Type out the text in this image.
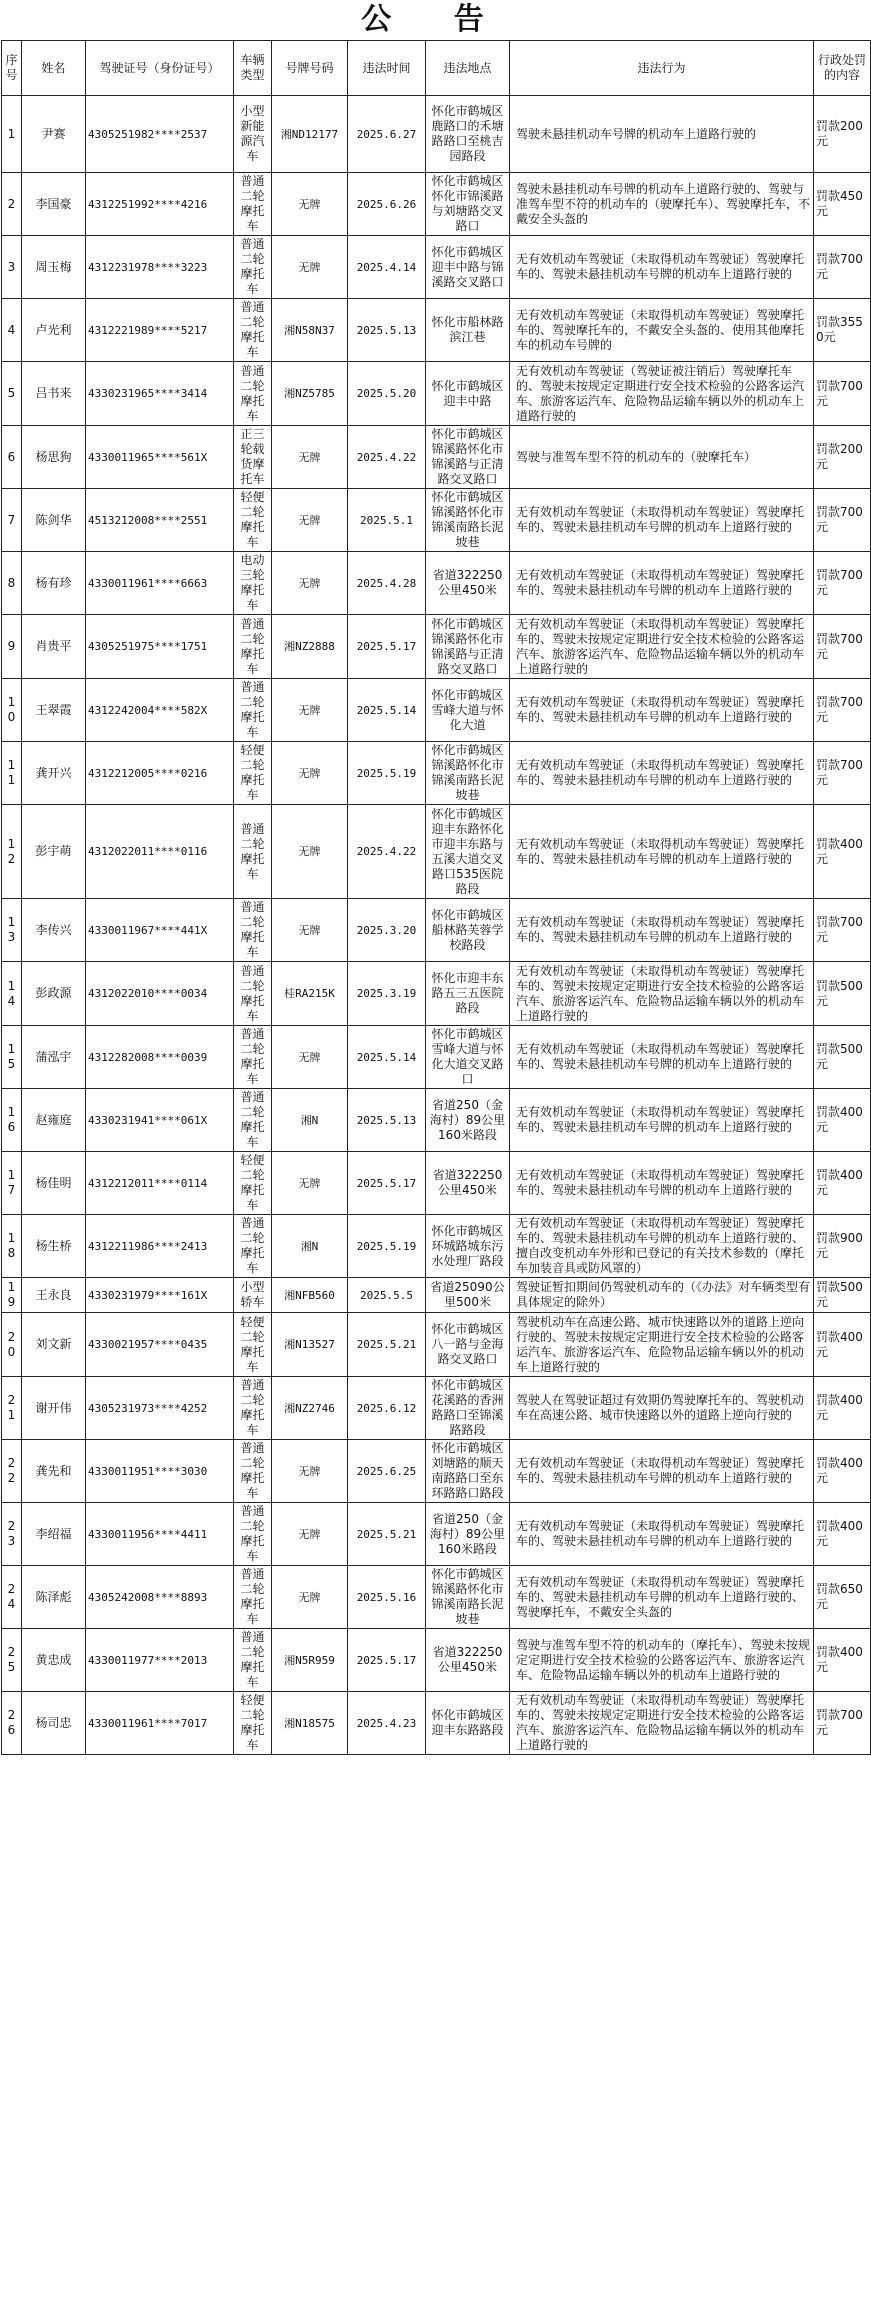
公 告
序号	姓名	驾驶证号（身份证号）	车辆类型	号牌号码	违法时间	违法地点	违法行为	行政处罚的内容
1	尹赛	4305251982****2537	小型新能源汽车	湘ND12177	2025.6.27	怀化市鹤城区鹿路口的禾塘路路口至桃吉园路段	驾驶未悬挂机动车号牌的机动车上道路行驶的	罚款200元
2	李国豪	4312251992****4216	普通二轮摩托车	无牌	2025.6.26	怀化市鹤城区怀化市锦溪路与刘塘路交叉路口	驾驶未悬挂机动车号牌的机动车上道路行驶的、驾驶与准驾车型不符的机动车的（驶摩托车）、驾驶摩托车，不戴安全头盔的	罚款450元
3	周玉梅	4312231978****3223	普通二轮摩托车	无牌	2025.4.14	怀化市鹤城区迎丰中路与锦溪路交叉路口	无有效机动车驾驶证（未取得机动车驾驶证）驾驶摩托车的、驾驶未悬挂机动车号牌的机动车上道路行驶的	罚款700元
4	卢光利	4312221989****5217	普通二轮摩托车	湘N58N37	2025.5.13	怀化市船林路滨江巷	无有效机动车驾驶证（未取得机动车驾驶证）驾驶摩托车的、驾驶摩托车的，不戴安全头盔的、使用其他摩托车的机动车号牌的	罚款3550元
5	吕书来	4330231965****3414	普通二轮摩托车	湘NZ5785	2025.5.20	怀化市鹤城区迎丰中路	无有效机动车驾驶证（驾驶证被注销后）驾驶摩托车的、驾驶未按规定定期进行安全技术检验的公路客运汽车、旅游客运汽车、危险物品运输车辆以外的机动车上道路行驶的	罚款700元
6	杨思狗	4330011965****561X	正三轮载货摩托车	无牌	2025.4.22	怀化市鹤城区锦溪路怀化市锦溪路与正清路交叉路口	驾驶与准驾车型不符的机动车的（驶摩托车）	罚款200元
7	陈剑华	4513212008****2551	轻便二轮摩托车	无牌	2025.5.1	怀化市鹤城区锦溪路怀化市锦溪南路长泥坡巷	无有效机动车驾驶证（未取得机动车驾驶证）驾驶摩托车的、驾驶未悬挂机动车号牌的机动车上道路行驶的	罚款700元
8	杨有珍	4330011961****6663	电动三轮摩托车	无牌	2025.4.28	省道322250公里450米	无有效机动车驾驶证（未取得机动车驾驶证）驾驶摩托车的、驾驶未悬挂机动车号牌的机动车上道路行驶的	罚款700元
9	肖贵平	4305251975****1751	普通二轮摩托车	湘NZ2888	2025.5.17	怀化市鹤城区锦溪路怀化市锦溪路与正清路交叉路口	无有效机动车驾驶证（未取得机动车驾驶证）驾驶摩托车的、驾驶未按规定定期进行安全技术检验的公路客运汽车、旅游客运汽车、危险物品运输车辆以外的机动车上道路行驶的	罚款700元
10	王翠霞	4312242004****582X	普通二轮摩托车	无牌	2025.5.14	怀化市鹤城区雪峰大道与怀化大道	无有效机动车驾驶证（未取得机动车驾驶证）驾驶摩托车的、驾驶未悬挂机动车号牌的机动车上道路行驶的	罚款700元
11	龚开兴	4312212005****0216	轻便二轮摩托车	无牌	2025.5.19	怀化市鹤城区锦溪路怀化市锦溪南路长泥坡巷	无有效机动车驾驶证（未取得机动车驾驶证）驾驶摩托车的、驾驶未悬挂机动车号牌的机动车上道路行驶的	罚款700元
12	彭宇萌	4312022011****0116	普通二轮摩托车	无牌	2025.4.22	怀化市鹤城区迎丰东路怀化市迎丰东路与五溪大道交叉路口535医院路段	无有效机动车驾驶证（未取得机动车驾驶证）驾驶摩托车的、驾驶未悬挂机动车号牌的机动车上道路行驶的	罚款400元
13	李传兴	4330011967****441X	普通二轮摩托车	无牌	2025.3.20	怀化市鹤城区船林路芙蓉学校路段	无有效机动车驾驶证（未取得机动车驾驶证）驾驶摩托车的、驾驶未悬挂机动车号牌的机动车上道路行驶的	罚款700元
14	彭政源	4312022010****0034	普通二轮摩托车	桂RA215K	2025.3.19	怀化市迎丰东路五三五医院路段	无有效机动车驾驶证（未取得机动车驾驶证）驾驶摩托车的、驾驶未按规定定期进行安全技术检验的公路客运汽车、旅游客运汽车、危险物品运输车辆以外的机动车上道路行驶的	罚款500元
15	蒲泓宇	4312282008****0039	普通二轮摩托车	无牌	2025.5.14	怀化市鹤城区雪峰大道与怀化大道交叉路口	无有效机动车驾驶证（未取得机动车驾驶证）驾驶摩托车的、驾驶未悬挂机动车号牌的机动车上道路行驶的	罚款500元
16	赵雍庭	4330231941****061X	普通二轮摩托车	湘N	2025.5.13	省道250（金海村）89公里160米路段	无有效机动车驾驶证（未取得机动车驾驶证）驾驶摩托车的、驾驶未悬挂机动车号牌的机动车上道路行驶的	罚款400元
17	杨佳明	4312212011****0114	轻便二轮摩托车	无牌	2025.5.17	省道322250公里450米	无有效机动车驾驶证（未取得机动车驾驶证）驾驶摩托车的、驾驶未悬挂机动车号牌的机动车上道路行驶的	罚款400元
18	杨生桥	4312211986****2413	普通二轮摩托车	湘N	2025.5.19	怀化市鹤城区环城路城东污水处理厂路段	无有效机动车驾驶证（未取得机动车驾驶证）驾驶摩托车的、驾驶未悬挂机动车号牌的机动车上道路行驶的、擅自改变机动车外形和已登记的有关技术参数的（摩托车加装音具或防风罩的）	罚款900元
19	王永良	4330231979****161X	小型轿车	湘NFB560	2025.5.5	省道25090公里500米	驾驶证暂扣期间仍驾驶机动车的（《办法》对车辆类型有具体规定的除外）	罚款500元
20	刘文新	4330021957****0435	轻便二轮摩托车	湘N13527	2025.5.21	怀化市鹤城区八一路与金海路交叉路口	驾驶机动车在高速公路、城市快速路以外的道路上逆向行驶的、驾驶未按规定定期进行安全技术检验的公路客运汽车、旅游客运汽车、危险物品运输车辆以外的机动车上道路行驶的	罚款400元
21	谢开伟	4305231973****4252	普通二轮摩托车	湘NZ2746	2025.6.12	怀化市鹤城区花溪路的香洲路路口至锦溪路路段	驾驶人在驾驶证超过有效期仍驾驶摩托车的、驾驶机动车在高速公路、城市快速路以外的道路上逆向行驶的	罚款400元
22	龚先和	4330011951****3030	普通二轮摩托车	无牌	2025.6.25	怀化市鹤城区刘塘路的顺天南路路口至东环路路口路段	无有效机动车驾驶证（未取得机动车驾驶证）驾驶摩托车的、驾驶未悬挂机动车号牌的机动车上道路行驶的	罚款400元
23	李绍福	4330011956****4411	普通二轮摩托车	无牌	2025.5.21	省道250（金海村）89公里160米路段	无有效机动车驾驶证（未取得机动车驾驶证）驾驶摩托车的、驾驶未悬挂机动车号牌的机动车上道路行驶的	罚款400元
24	陈泽彪	4305242008****8893	普通二轮摩托车	无牌	2025.5.16	怀化市鹤城区锦溪路怀化市锦溪南路长泥坡巷	无有效机动车驾驶证（未取得机动车驾驶证）驾驶摩托车的、驾驶未悬挂机动车号牌的机动车上道路行驶的、驾驶摩托车，不戴安全头盔的	罚款650元
25	黄忠成	4330011977****2013	普通二轮摩托车	湘N5R959	2025.5.17	省道322250公里450米	驾驶与准驾车型不符的机动车的（摩托车）、驾驶未按规定定期进行安全技术检验的公路客运汽车、旅游客运汽车、危险物品运输车辆以外的机动车上道路行驶的	罚款400元
26	杨司忠	4330011961****7017	轻便二轮摩托车	湘N18575	2025.4.23	怀化市鹤城区迎丰东路路段	无有效机动车驾驶证（未取得机动车驾驶证）驾驶摩托车的、驾驶未按规定定期进行安全技术检验的公路客运汽车、旅游客运汽车、危险物品运输车辆以外的机动车上道路行驶的	罚款700元
